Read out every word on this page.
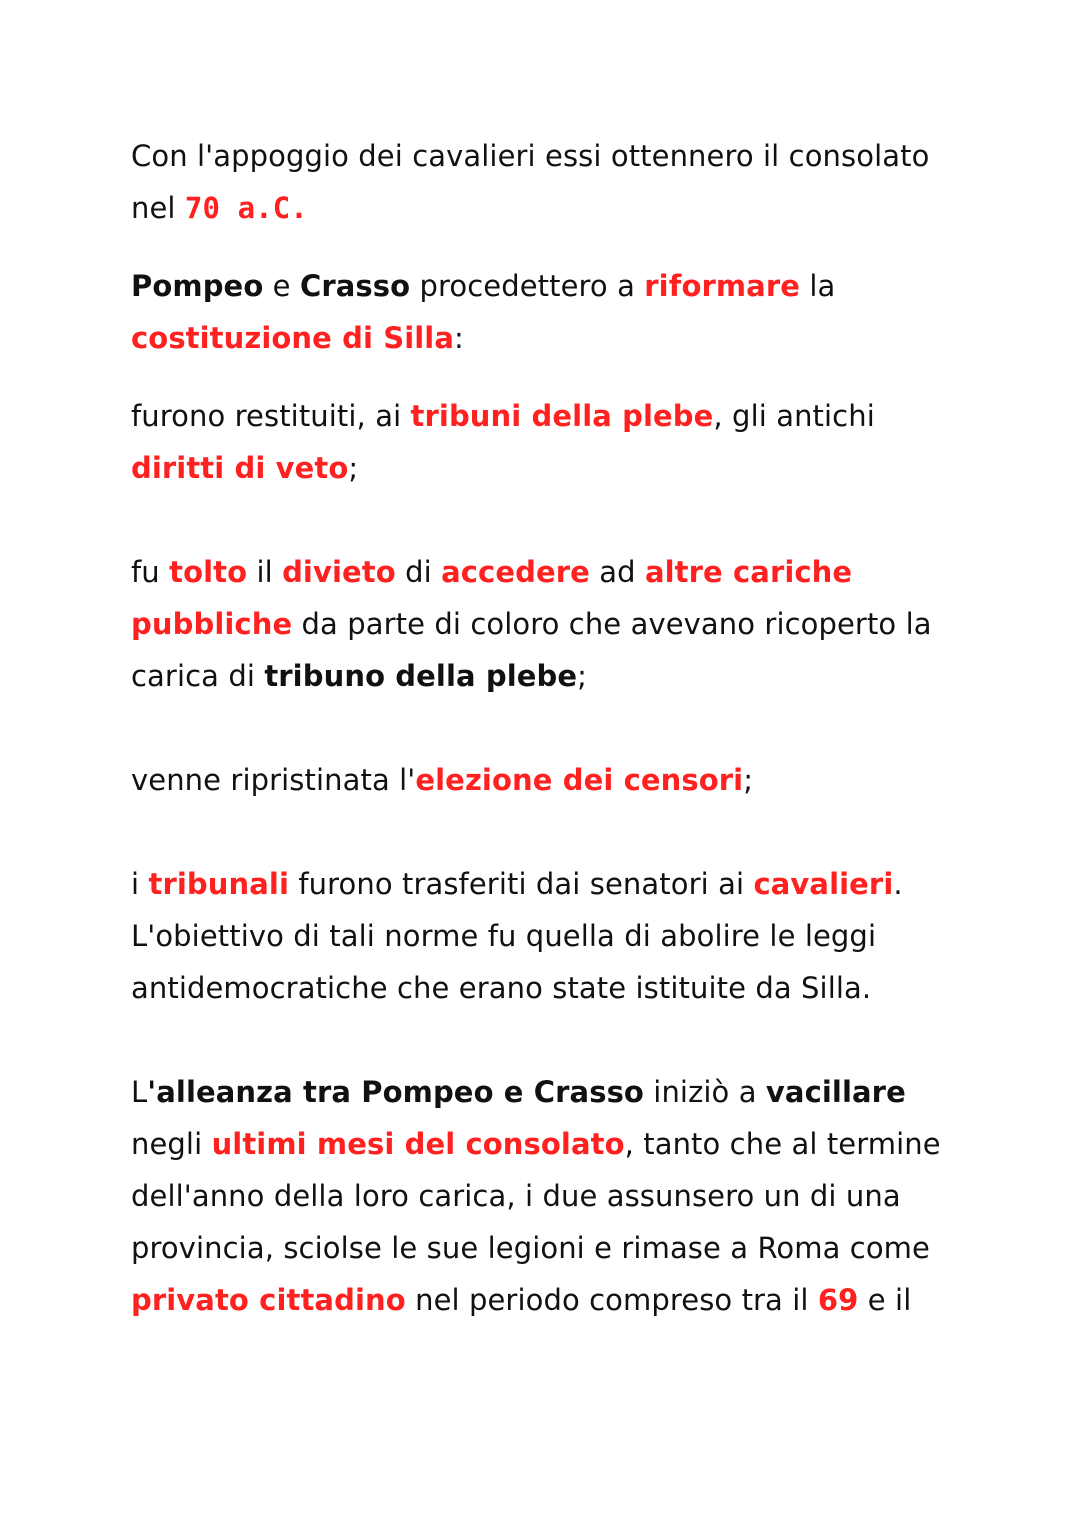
Con l'appoggio dei cavalieri essi ottennero il consolato
nel 70 a.C.

Pompeo e Crasso procedettero a riformare la
costituzione di Silla:

furono restituiti, ai tribuni della plebe, gli antichi
diritti di veto;

fu tolto il divieto di accedere ad altre cariche
pubbliche da parte di coloro che avevano ricoperto la
carica di tribuno della plebe;

venne ripristinata l'elezione dei censori;

i tribunali furono trasferiti dai senatori ai cavalieri.
L'obiettivo di tali norme fu quella di abolire le leggi
antidemocratiche che erano state istituite da Silla.

L'alleanza tra Pompeo e Crasso iniziò a vacillare
negli ultimi mesi del consolato, tanto che al termine
dell'anno della loro carica, i due assunsero un di una
provincia, sciolse le sue legioni e rimase a Roma come
privato cittadino nel periodo compreso tra il 69 e il
